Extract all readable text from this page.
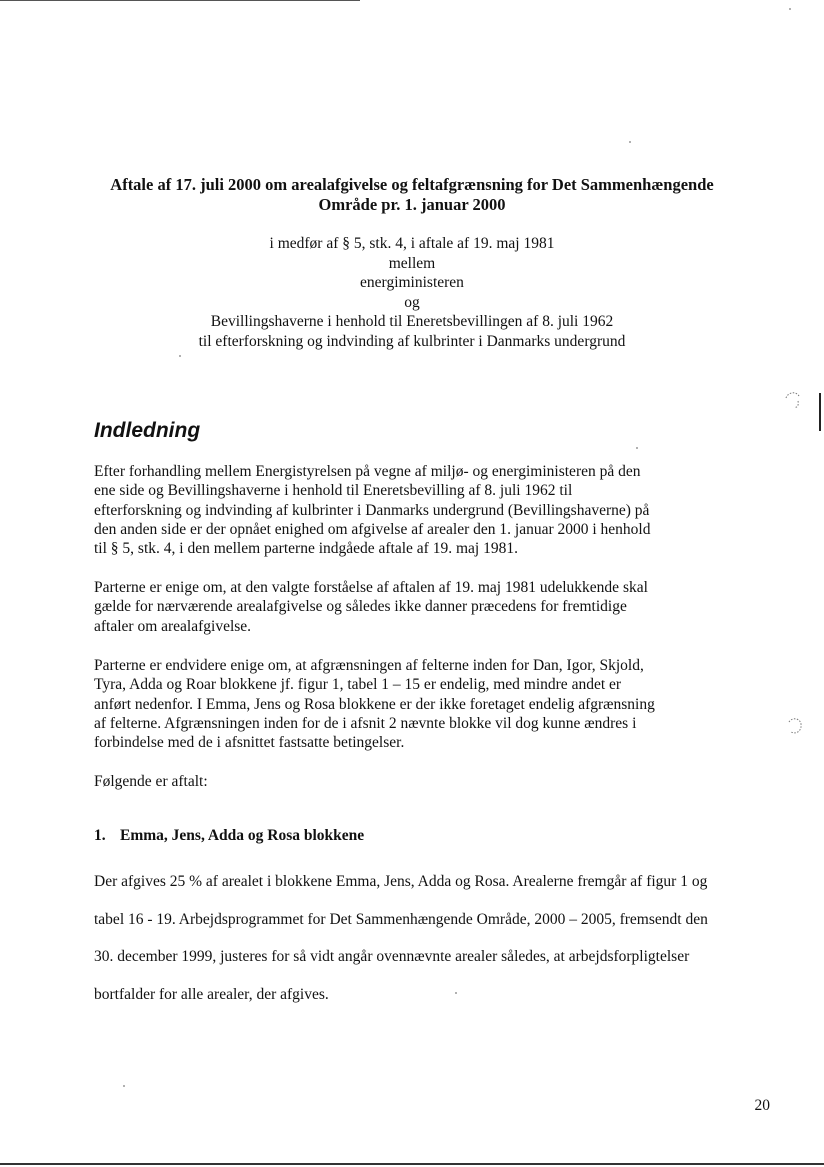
Aftale af 17. juli 2000 om arealafgivelse og feltafgrænsning for Det Sammenhængende
Område pr. 1. januar 2000
i medfør af § 5, stk. 4, i aftale af 19. maj 1981
mellem
energiministeren
og
Bevillingshaverne i henhold til Eneretsbevillingen af 8. juli 1962
til efterforskning og indvinding af kulbrinter i Danmarks undergrund
Indledning
Efter forhandling mellem Energistyrelsen på vegne af miljø- og energiministeren på den
ene side og Bevillingshaverne i henhold til Eneretsbevilling af 8. juli 1962 til
efterforskning og indvinding af kulbrinter i Danmarks undergrund (Bevillingshaverne) på
den anden side er der opnået enighed om afgivelse af arealer den 1. januar 2000 i henhold
til § 5, stk. 4, i den mellem parterne indgåede aftale af 19. maj 1981.
Parterne er enige om, at den valgte forståelse af aftalen af 19. maj 1981 udelukkende skal
gælde for nærværende arealafgivelse og således ikke danner præcedens for fremtidige
aftaler om arealafgivelse.
Parterne er endvidere enige om, at afgrænsningen af felterne inden for Dan, Igor, Skjold,
Tyra, Adda og Roar blokkene jf. figur 1, tabel 1 – 15 er endelig, med mindre andet er
anført nedenfor. I Emma, Jens og Rosa blokkene er der ikke foretaget endelig afgrænsning
af felterne. Afgrænsningen inden for de i afsnit 2 nævnte blokke vil dog kunne ændres i
forbindelse med de i afsnittet fastsatte betingelser.
Følgende er aftalt:
1. Emma, Jens, Adda og Rosa blokkene
Der afgives 25 % af arealet i blokkene Emma, Jens, Adda og Rosa. Arealerne fremgår af figur 1 og
tabel 16 - 19. Arbejdsprogrammet for Det Sammenhængende Område, 2000 – 2005, fremsendt den
30. december 1999, justeres for så vidt angår ovennævnte arealer således, at arbejdsforpligtelser
bortfalder for alle arealer, der afgives.
20
